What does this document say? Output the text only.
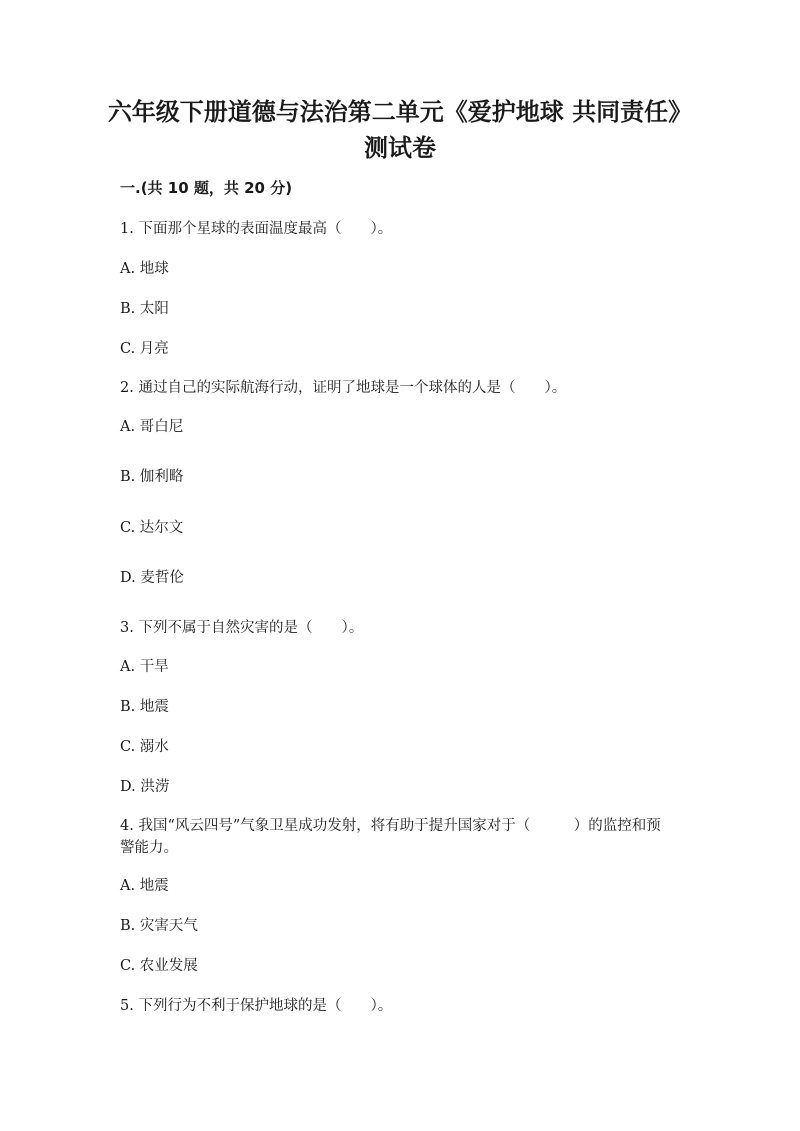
六年级下册道德与法治第二单元《爱护地球 共同责任》测试卷
一.(共 10 题，共 20 分)
1. 下面那个星球的表面温度最高（　　）。
A. 地球
B. 太阳
C. 月亮
2. 通过自己的实际航海行动，证明了地球是一个球体的人是（　　）。
A. 哥白尼
B. 伽利略
C. 达尔文
D. 麦哲伦
3. 下列不属于自然灾害的是（　　）。
A. 干旱
B. 地震
C. 溺水
D. 洪涝
4. 我国“风云四号”气象卫星成功发射，将有助于提升国家对于（　　　）的监控和预警能力。
A. 地震
B. 灾害天气
C. 农业发展
5. 下列行为不利于保护地球的是（　　）。
